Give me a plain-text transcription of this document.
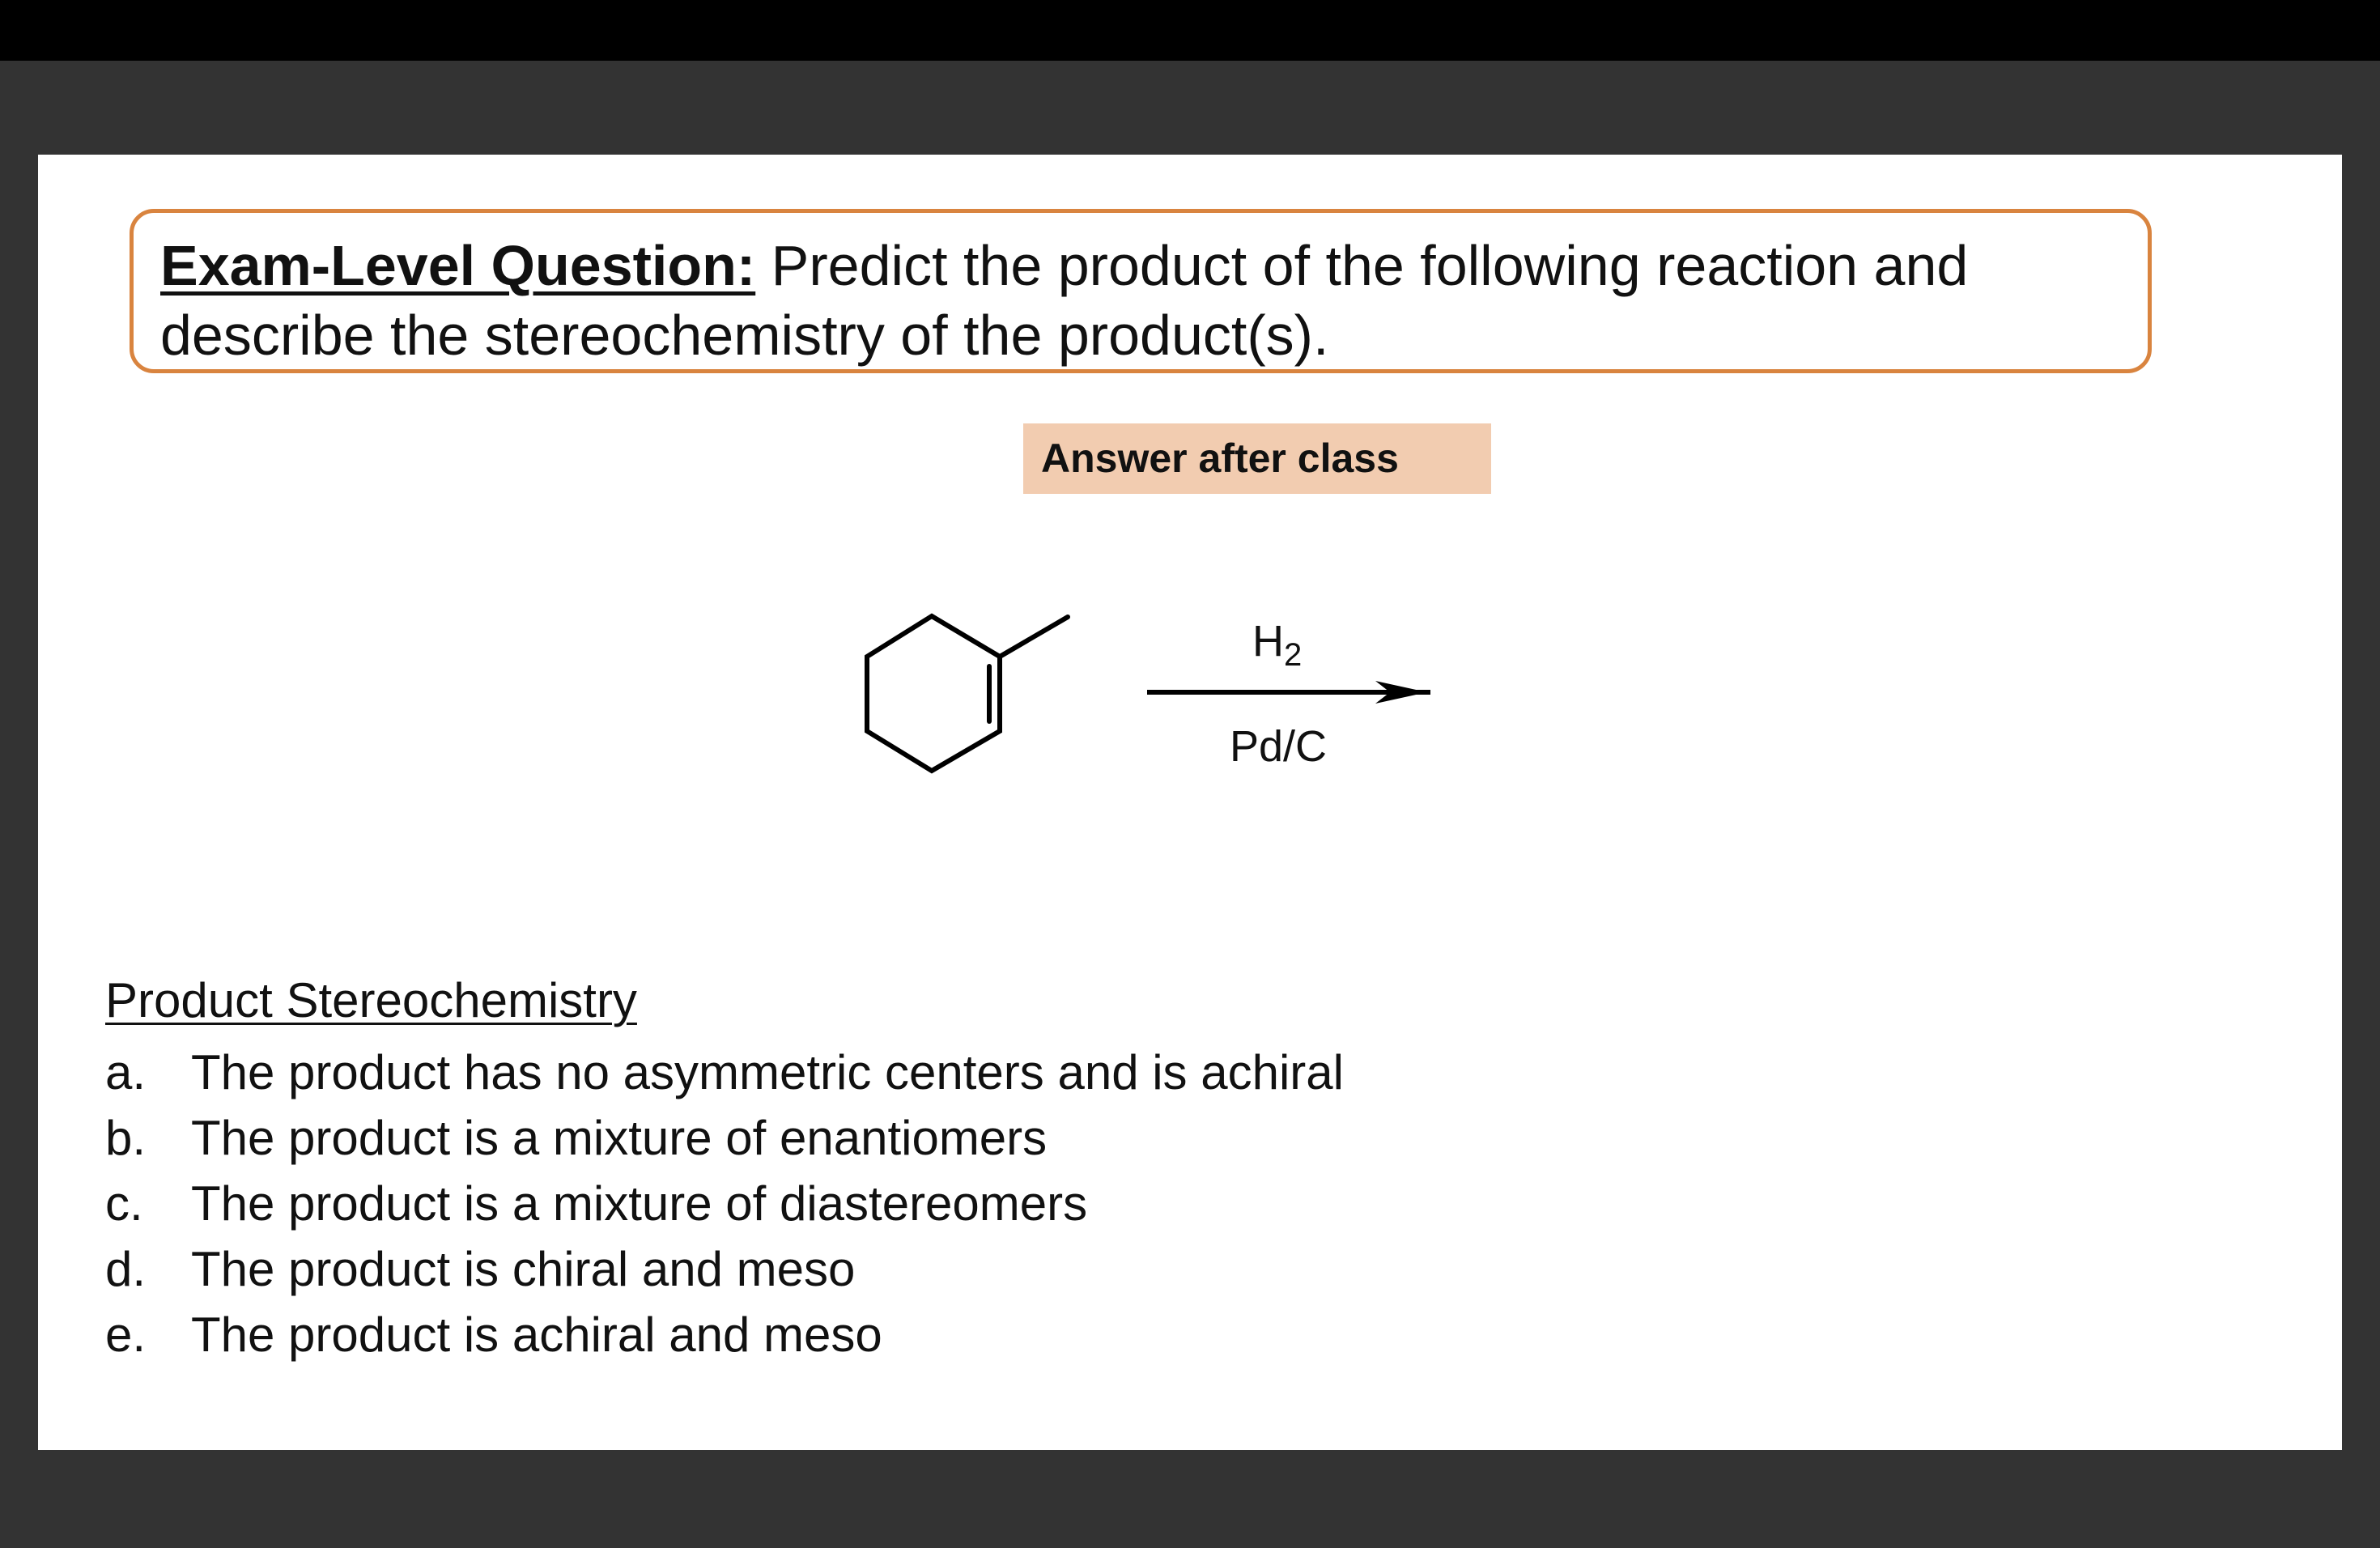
Exam-Level Question: Predict the product of the following reaction and describe the stereochemistry of the product(s).
Answer after class
$H_2$
Pd/C
Product Stereochemistry
a. The product has no asymmetric centers and is achiral
b. The product is a mixture of enantiomers
c. The product is a mixture of diastereomers
d. The product is chiral and meso
e. The product is achiral and meso
